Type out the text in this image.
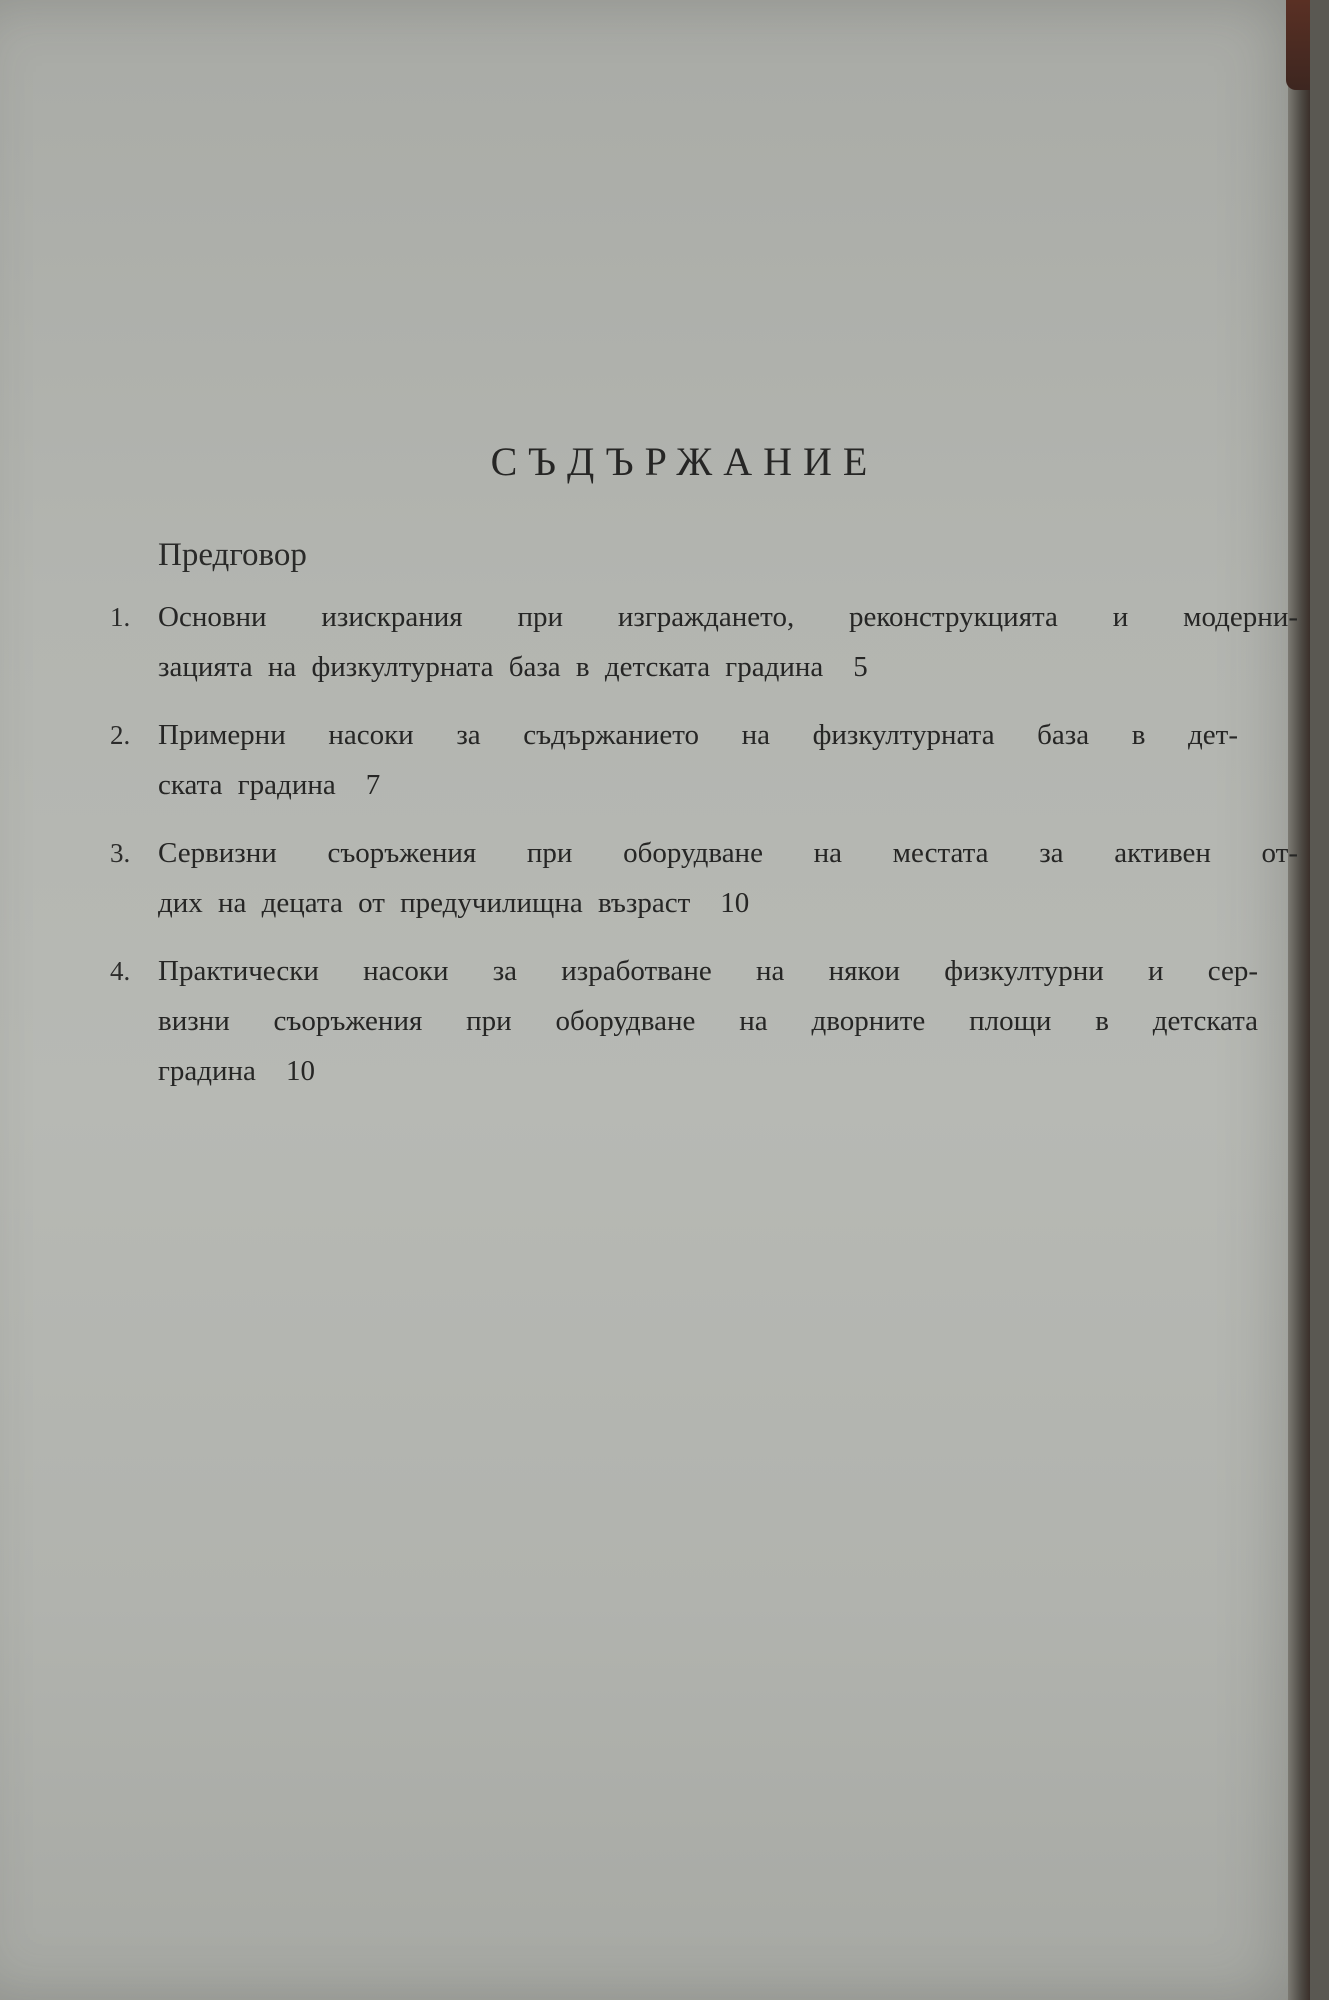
СЪДЪРЖАНИЕ
Предговор
1. Основни изискрания при изгражданeто, реконструкцията и модерни-
зацията на физкултурната база в детската градина 5
2. Примерни насоки за съдържанието на физкултурната база в дет-
ската градина 7
3. Сервизни съоръжения при оборудване на местата за активен от-
дих на децата от предучилищна възраст 10
4. Практически насоки за изработване на някои физкултурни и сер-
визни съоръжения при оборудване на дворните площи в детската
градина 10
